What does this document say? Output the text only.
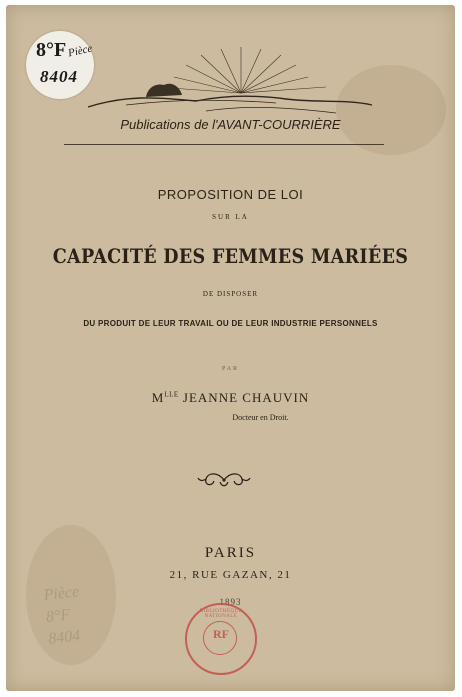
8°F Pièce
8404
Publications de l'AVANT-COURRIÈRE
PROPOSITION DE LOI
SUR LA
CAPACITÉ DES FEMMES MARIÉES
DE DISPOSER
DU PRODUIT DE LEUR TRAVAIL OU DE LEUR INDUSTRIE PERSONNELS
PAR
$M^{LLE}$ JEANNE CHAUVIN
Docteur en Droit.
PARIS
21, RUE GAZAN, 21
1893
BIBLIOTHÈQUE NATIONALE
RF
Pièce
8°F
8404
